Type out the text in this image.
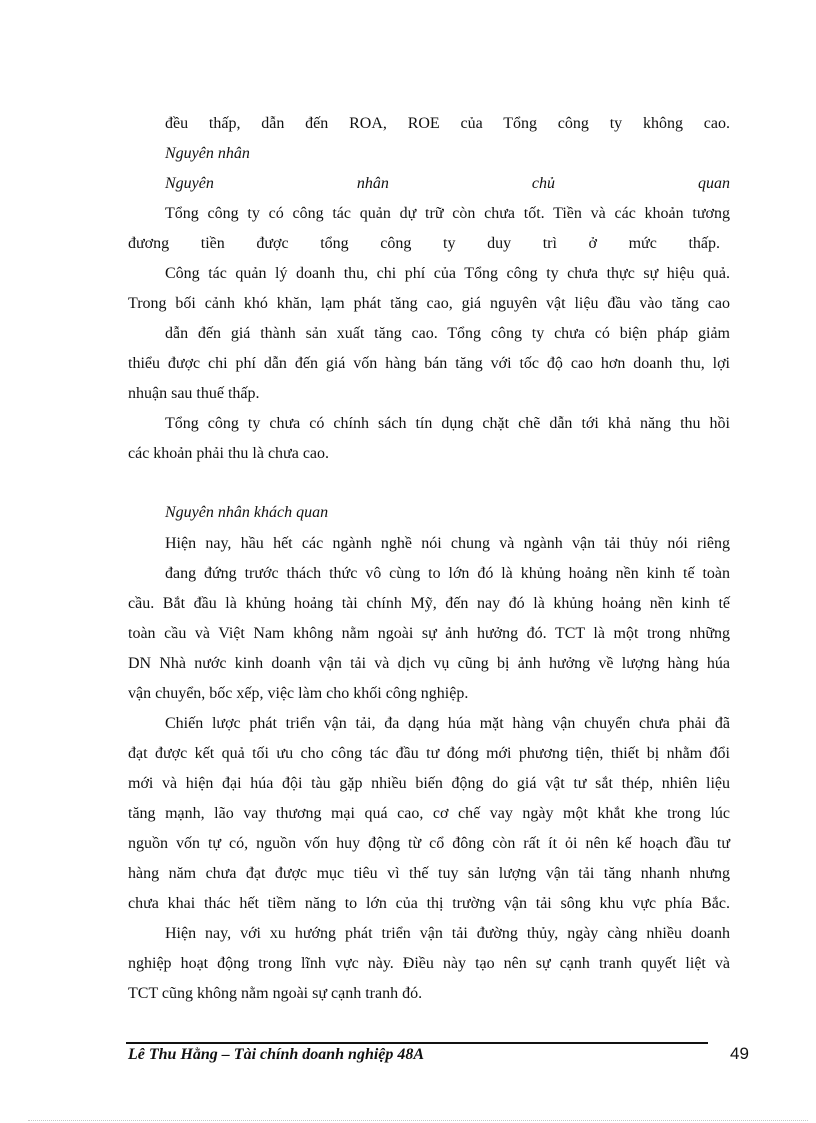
đều thấp, dẫn đến ROA, ROE của Tổng công ty không cao.
Nguyên nhân
Nguyên nhân chủ quan
Tổng công ty có công tác quản dự trữ còn chưa tốt. Tiền và các khoản tương
đương tiền được tổng công ty duy trì ở mức thấp.
Công tác quản lý doanh thu, chi phí của Tổng công ty chưa thực sự hiệu quả.
Trong bối cảnh khó khăn, lạm phát tăng cao, giá nguyên vật liệu đầu vào tăng cao
dẫn đến giá thành sản xuất tăng cao. Tổng công ty chưa có biện pháp giảm
thiểu được chi phí dẫn đến giá vốn hàng bán tăng với tốc độ cao hơn doanh thu, lợi
nhuận sau thuế thấp.
Tổng công ty chưa có chính sách tín dụng chặt chẽ dẫn tới khả năng thu hồi
các khoản phải thu là chưa cao.
Nguyên nhân khách quan
Hiện nay, hầu hết các ngành nghề nói chung và ngành vận tải thủy nói riêng
đang đứng trước thách thức vô cùng to lớn đó là khủng hoảng nền kinh tế toàn
cầu. Bắt đầu là khủng hoảng tài chính Mỹ, đến nay đó là khủng hoảng nền kinh tế
toàn cầu và Việt Nam không nằm ngoài sự ảnh hưởng đó. TCT là một trong những
DN Nhà nước kinh doanh vận tải và dịch vụ cũng bị ảnh hưởng về lượng hàng húa
vận chuyển, bốc xếp, việc làm cho khối công nghiệp.
Chiến lược phát triển vận tải, đa dạng húa mặt hàng vận chuyển chưa phải đã
đạt được kết quả tối ưu cho công tác đầu tư đóng mới phương tiện, thiết bị nhằm đổi
mới và hiện đại húa đội tàu gặp nhiều biến động do giá vật tư sắt thép, nhiên liệu
tăng mạnh, lão vay thương mại quá cao, cơ chế vay ngày một khắt khe trong lúc
nguồn vốn tự có, nguồn vốn huy động từ cổ đông còn rất ít ỏi nên kế hoạch đầu tư
hàng năm chưa đạt được mục tiêu vì thế tuy sản lượng vận tải tăng nhanh nhưng
chưa khai thác hết tiềm năng to lớn của thị trường vận tải sông khu vực phía Bắc.
Hiện nay, với xu hướng phát triển vận tải đường thủy, ngày càng nhiều doanh
nghiệp hoạt động trong lĩnh vực này. Điều này tạo nên sự cạnh tranh quyết liệt và
TCT cũng không nằm ngoài sự cạnh tranh đó.
Lê Thu Hằng – Tài chính doanh nghiệp 48A	49
